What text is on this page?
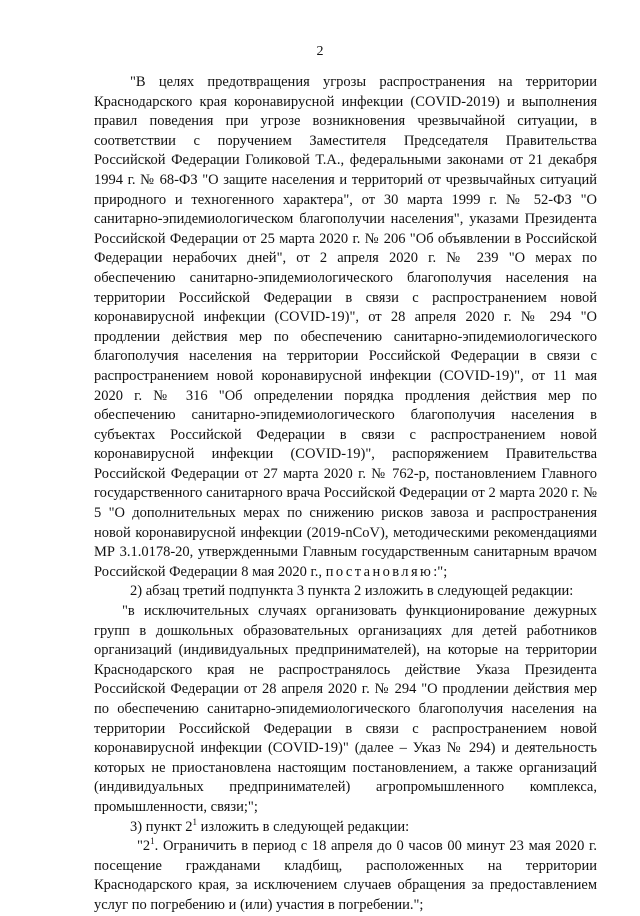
2

"В целях предотвращения угрозы распространения на территории Краснодарского края коронавирусной инфекции (COVID-2019) и выполнения правил поведения при угрозе возникновения чрезвычайной ситуации, в соответствии с поручением Заместителя Председателя Правительства Российской Федерации Голиковой Т.А., федеральными законами от 21 декабря 1994 г. № 68-ФЗ "О защите населения и территорий от чрезвычайных ситуаций природного и техногенного характера", от 30 марта 1999 г. № 52-ФЗ "О санитарно-эпидемиологическом благополучии населения", указами Президента Российской Федерации от 25 марта 2020 г. № 206 "Об объявлении в Российской Федерации нерабочих дней", от 2 апреля 2020 г. № 239 "О мерах по обеспечению санитарно-эпидемиологического благополучия населения на территории Российской Федерации в связи с распространением новой коронавирусной инфекции (COVID-19)", от 28 апреля 2020 г. № 294 "О продлении действия мер по обеспечению санитарно-эпидемиологического благополучия населения на территории Российской Федерации в связи с распространением новой коронавирусной инфекции (COVID-19)", от 11 мая 2020 г. № 316 "Об определении порядка продления действия мер по обеспечению санитарно-эпидемиологического благополучия населения в субъектах Российской Федерации в связи с распространением новой коронавирусной инфекции (COVID-19)", распоряжением Правительства Российской Федерации от 27 марта 2020 г. № 762-р, постановлением Главного государственного санитарного врача Российской Федерации от 2 марта 2020 г. № 5 "О дополнительных мерах по снижению рисков завоза и распространения новой коронавирусной инфекции (2019-nCoV), методическими рекомендациями МР 3.1.0178-20, утвержденными Главным государственным санитарным врачом Российской Федерации 8 мая 2020 г., постановляю:";

2) абзац третий подпункта 3 пункта 2 изложить в следующей редакции:

"в исключительных случаях организовать функционирование дежурных групп в дошкольных образовательных организациях для детей работников организаций (индивидуальных предпринимателей), на которые на территории Краснодарского края не распространялось действие Указа Президента Российской Федерации от 28 апреля 2020 г. № 294 "О продлении действия мер по обеспечению санитарно-эпидемиологического благополучия населения на территории Российской Федерации в связи с распространением новой коронавирусной инфекции (COVID-19)" (далее – Указ № 294) и деятельность которых не приостановлена настоящим постановлением, а также организаций (индивидуальных предпринимателей) агропромышленного комплекса, промышленности, связи;";

3) пункт $2^1$ изложить в следующей редакции:

"$2^1$. Ограничить в период с 18 апреля до 0 часов 00 минут 23 мая 2020 г. посещение гражданами кладбищ, расположенных на территории Краснодарского края, за исключением случаев обращения за предоставлением услуг по погребению и (или) участия в погребении.";
